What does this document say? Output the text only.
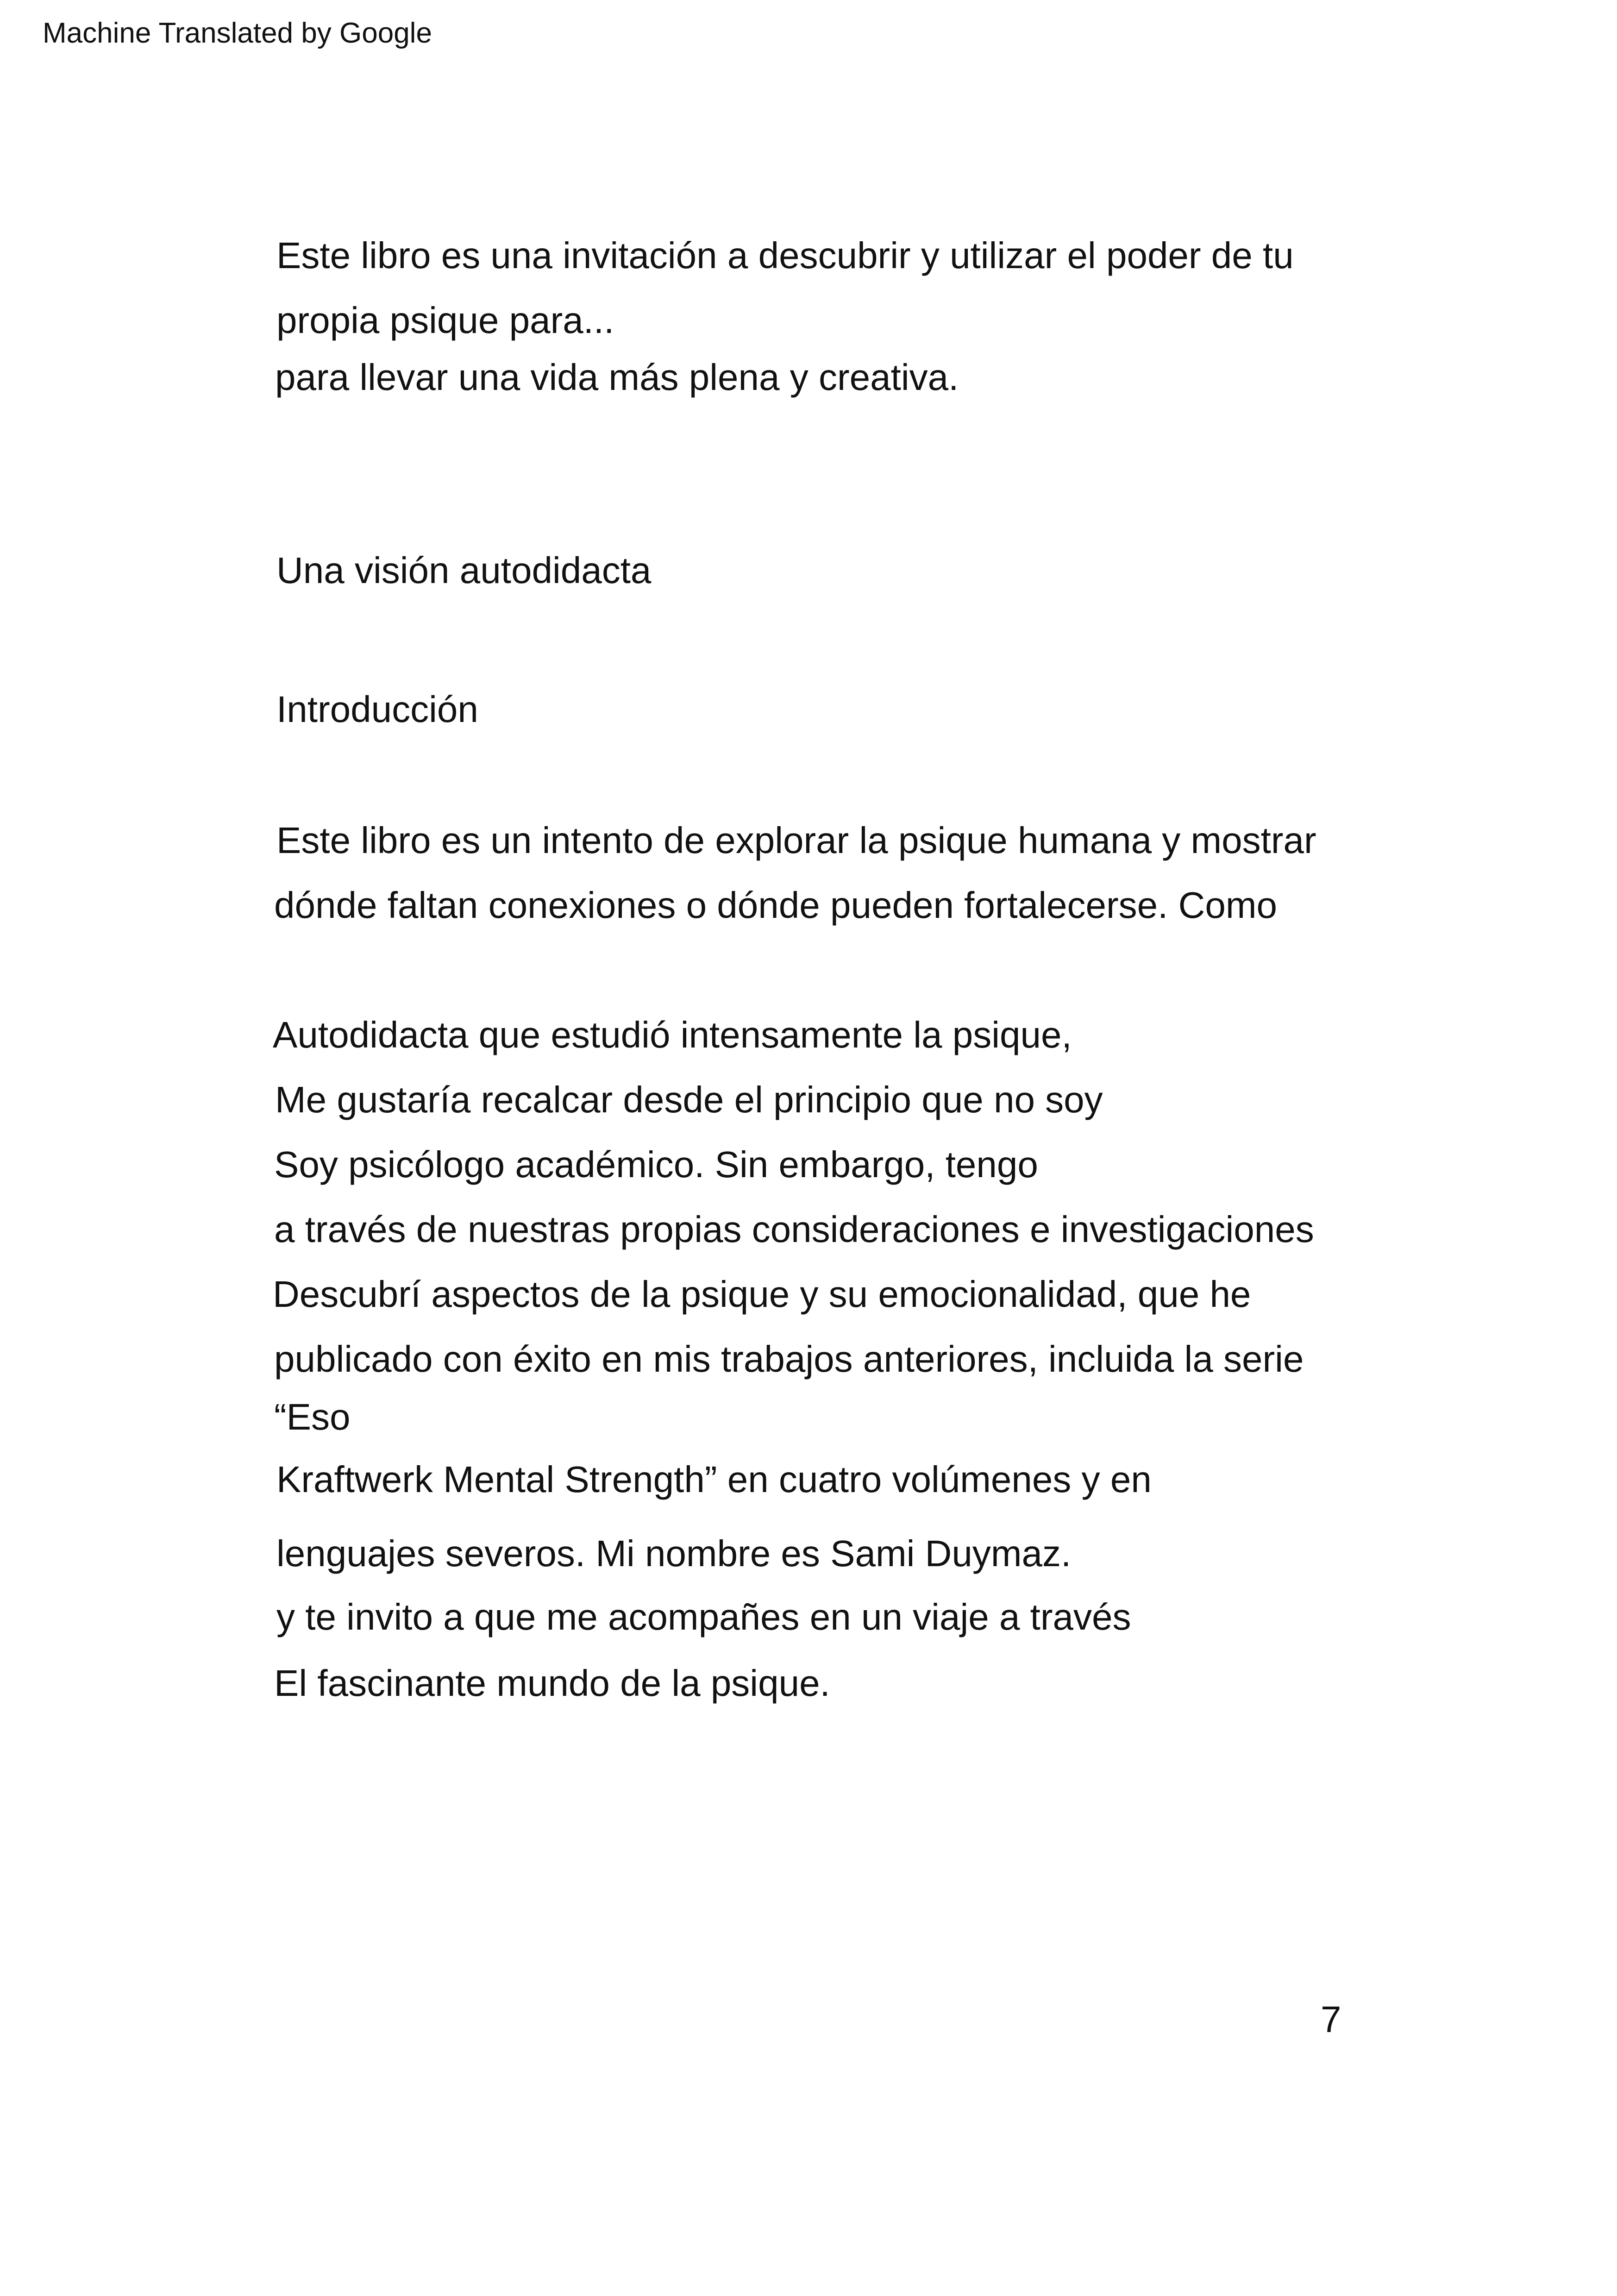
Machine Translated by Google
Este libro es una invitación a descubrir y utilizar el poder de tu
propia psique para...
para llevar una vida más plena y creativa.
Una visión autodidacta
Introducción
Este libro es un intento de explorar la psique humana y mostrar
dónde faltan conexiones o dónde pueden fortalecerse. Como
Autodidacta que estudió intensamente la psique,
Me gustaría recalcar desde el principio que no soy
Soy psicólogo académico. Sin embargo, tengo
a través de nuestras propias consideraciones e investigaciones
Descubrí aspectos de la psique y su emocionalidad, que he
publicado con éxito en mis trabajos anteriores, incluida la serie
“Eso
Kraftwerk Mental Strength” en cuatro volúmenes y en
lenguajes severos. Mi nombre es Sami Duymaz.
y te invito a que me acompañes en un viaje a través
El fascinante mundo de la psique.
7
